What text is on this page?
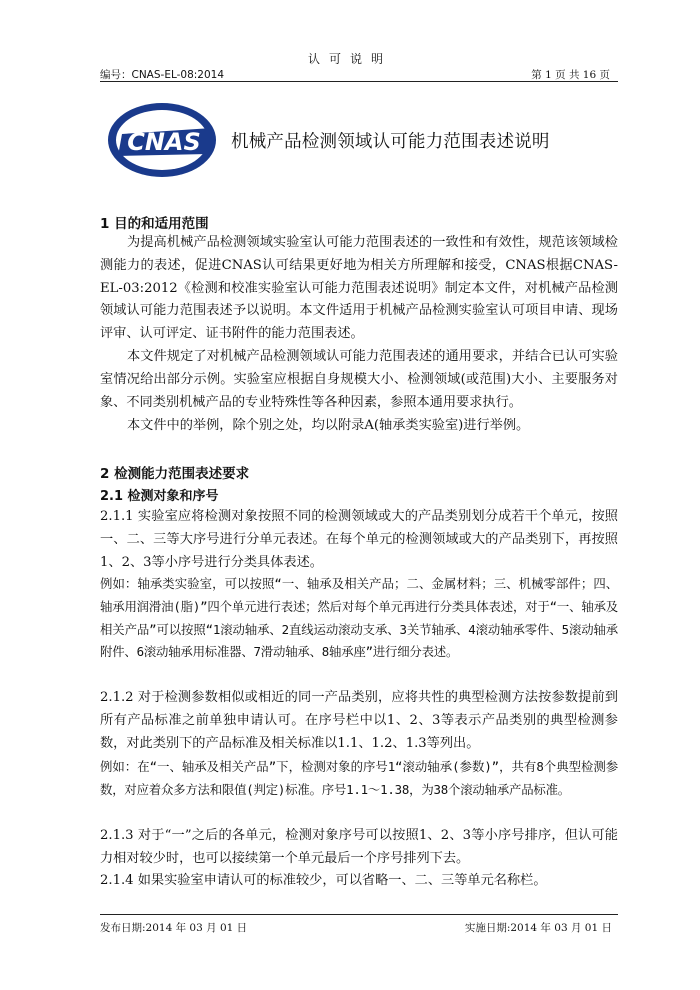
认可说明
编号：CNAS-EL-08:2014	第 1 页 共 16 页
CNAS 机械产品检测领域认可能力范围表述说明
1 目的和适用范围
为提高机械产品检测领域实验室认可能力范围表述的一致性和有效性，规范该领域检测能力的表述，促进CNAS认可结果更好地为相关方所理解和接受，CNAS根据CNAS-EL-03:2012《检测和校准实验室认可能力范围表述说明》制定本文件，对机械产品检测领域认可能力范围表述予以说明。本文件适用于机械产品检测实验室认可项目申请、现场评审、认可评定、证书附件的能力范围表述。
本文件规定了对机械产品检测领域认可能力范围表述的通用要求，并结合已认可实验室情况给出部分示例。实验室应根据自身规模大小、检测领域(或范围)大小、主要服务对象、不同类别机械产品的专业特殊性等各种因素，参照本通用要求执行。
本文件中的举例，除个别之处，均以附录A(轴承类实验室)进行举例。
2 检测能力范围表述要求
2.1 检测对象和序号
2.1.1 实验室应将检测对象按照不同的检测领域或大的产品类别划分成若干个单元，按照一、二、三等大序号进行分单元表述。在每个单元的检测领域或大的产品类别下，再按照1、2、3等小序号进行分类具体表述。
例如：轴承类实验室，可以按照“一、轴承及相关产品；二、金属材料；三、机械零部件；四、轴承用润滑油(脂)”四个单元进行表述；然后对每个单元再进行分类具体表述，对于“一、轴承及相关产品”可以按照“1滚动轴承、2直线运动滚动支承、3关节轴承、4滚动轴承零件、5滚动轴承附件、6滚动轴承用标准器、7滑动轴承、8轴承座”进行细分表述。
2.1.2 对于检测参数相似或相近的同一产品类别，应将共性的典型检测方法按参数提前到所有产品标准之前单独申请认可。在序号栏中以1、2、3等表示产品类别的典型检测参数，对此类别下的产品标准及相关标准以1.1、1.2、1.3等列出。
例如：在“一、轴承及相关产品”下，检测对象的序号1“滚动轴承(参数)”，共有8个典型检测参数，对应着众多方法和限值(判定)标准。序号1.1～1.38，为38个滚动轴承产品标准。
2.1.3 对于“一”之后的各单元，检测对象序号可以按照1、2、3等小序号排序，但认可能力相对较少时，也可以接续第一个单元最后一个序号排列下去。
2.1.4 如果实验室申请认可的标准较少，可以省略一、二、三等单元名称栏。
发布日期:2014 年 03 月 01 日	实施日期:2014 年 03 月 01 日
